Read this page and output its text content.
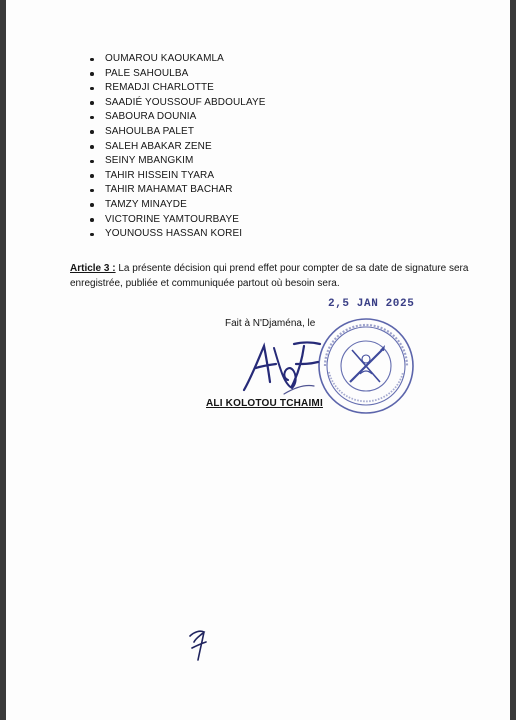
OUMAROU KAOUKAMLA
PALE SAHOULBA
REMADJI CHARLOTTE
SAADIÉ YOUSSOUF ABDOULAYE
SABOURA DOUNIA
SAHOULBA PALET
SALEH ABAKAR ZENE
SEINY MBANGKIM
TAHIR HISSEIN TYARA
TAHIR MAHAMAT BACHAR
TAMZY MINAYDE
VICTORINE YAMTOURBAYE
YOUNOUSS HASSAN KOREI

Article 3 : La présente décision qui prend effet pour compter de sa date de signature sera enregistrée, publiée et communiquée partout où besoin sera.

2,5 JAN 2025
Fait à N'Djaména, le
ALI KOLOTOU TCHAIMI
